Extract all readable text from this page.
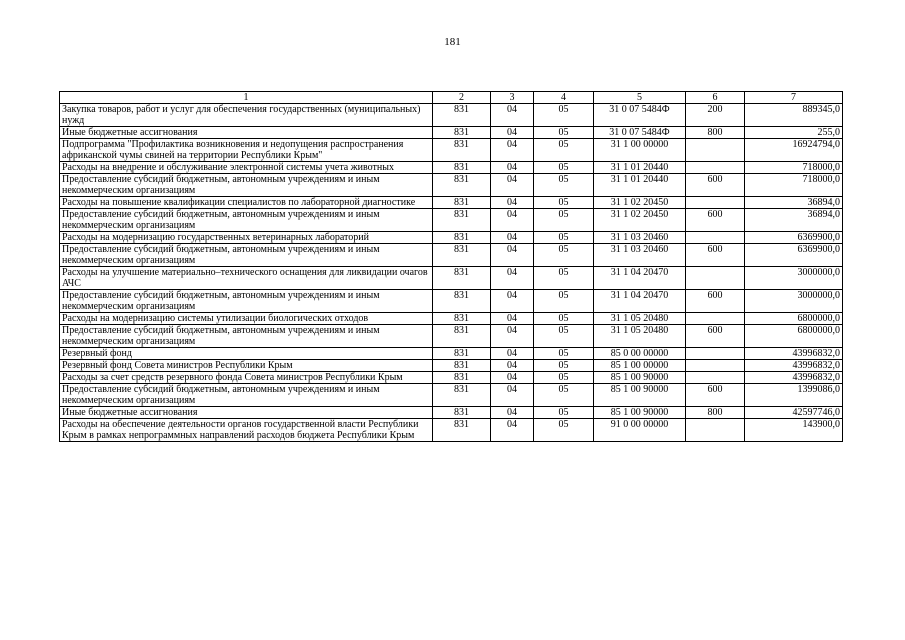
181
1	2	3	4	5	6	7
Закупка товаров, работ и услуг для обеспечения государственных (муниципальных) нужд	831	04	05	31 0 07 5484Ф	200	889345,0
Иные бюджетные ассигнования	831	04	05	31 0 07 5484Ф	800	255,0
Подпрограмма "Профилактика возникновения и недопущения распространения африканской чумы свиней на территории Республики Крым"	831	04	05	31 1 00 00000		16924794,0
Расходы на внедрение и обслуживание электронной системы учета животных	831	04	05	31 1 01 20440		718000,0
Предоставление субсидий бюджетным, автономным учреждениям и иным некоммерческим организациям	831	04	05	31 1 01 20440	600	718000,0
Расходы на повышение квалификации специалистов по лабораторной диагностике	831	04	05	31 1 02 20450		36894,0
Предоставление субсидий бюджетным, автономным учреждениям и иным некоммерческим организациям	831	04	05	31 1 02 20450	600	36894,0
Расходы на модернизацию государственных ветеринарных лабораторий	831	04	05	31 1 03 20460		6369900,0
Предоставление субсидий бюджетным, автономным учреждениям и иным некоммерческим организациям	831	04	05	31 1 03 20460	600	6369900,0
Расходы на улучшение материально–технического оснащения для ликвидации очагов АЧС	831	04	05	31 1 04 20470		3000000,0
Предоставление субсидий бюджетным, автономным учреждениям и иным некоммерческим организациям	831	04	05	31 1 04 20470	600	3000000,0
Расходы на модернизацию системы утилизации биологических отходов	831	04	05	31 1 05 20480		6800000,0
Предоставление субсидий бюджетным, автономным учреждениям и иным некоммерческим организациям	831	04	05	31 1 05 20480	600	6800000,0
Резервный фонд	831	04	05	85 0 00 00000		43996832,0
Резервный фонд Совета министров Республики Крым	831	04	05	85 1 00 00000		43996832,0
Расходы за счет средств резервного фонда Совета министров Республики Крым	831	04	05	85 1 00 90000		43996832,0
Предоставление субсидий бюджетным, автономным учреждениям и иным некоммерческим организациям	831	04	05	85 1 00 90000	600	1399086,0
Иные бюджетные ассигнования	831	04	05	85 1 00 90000	800	42597746,0
Расходы на обеспечение деятельности органов государственной власти Республики Крым в рамках непрограммных направлений расходов бюджета Республики Крым	831	04	05	91 0 00 00000		143900,0
